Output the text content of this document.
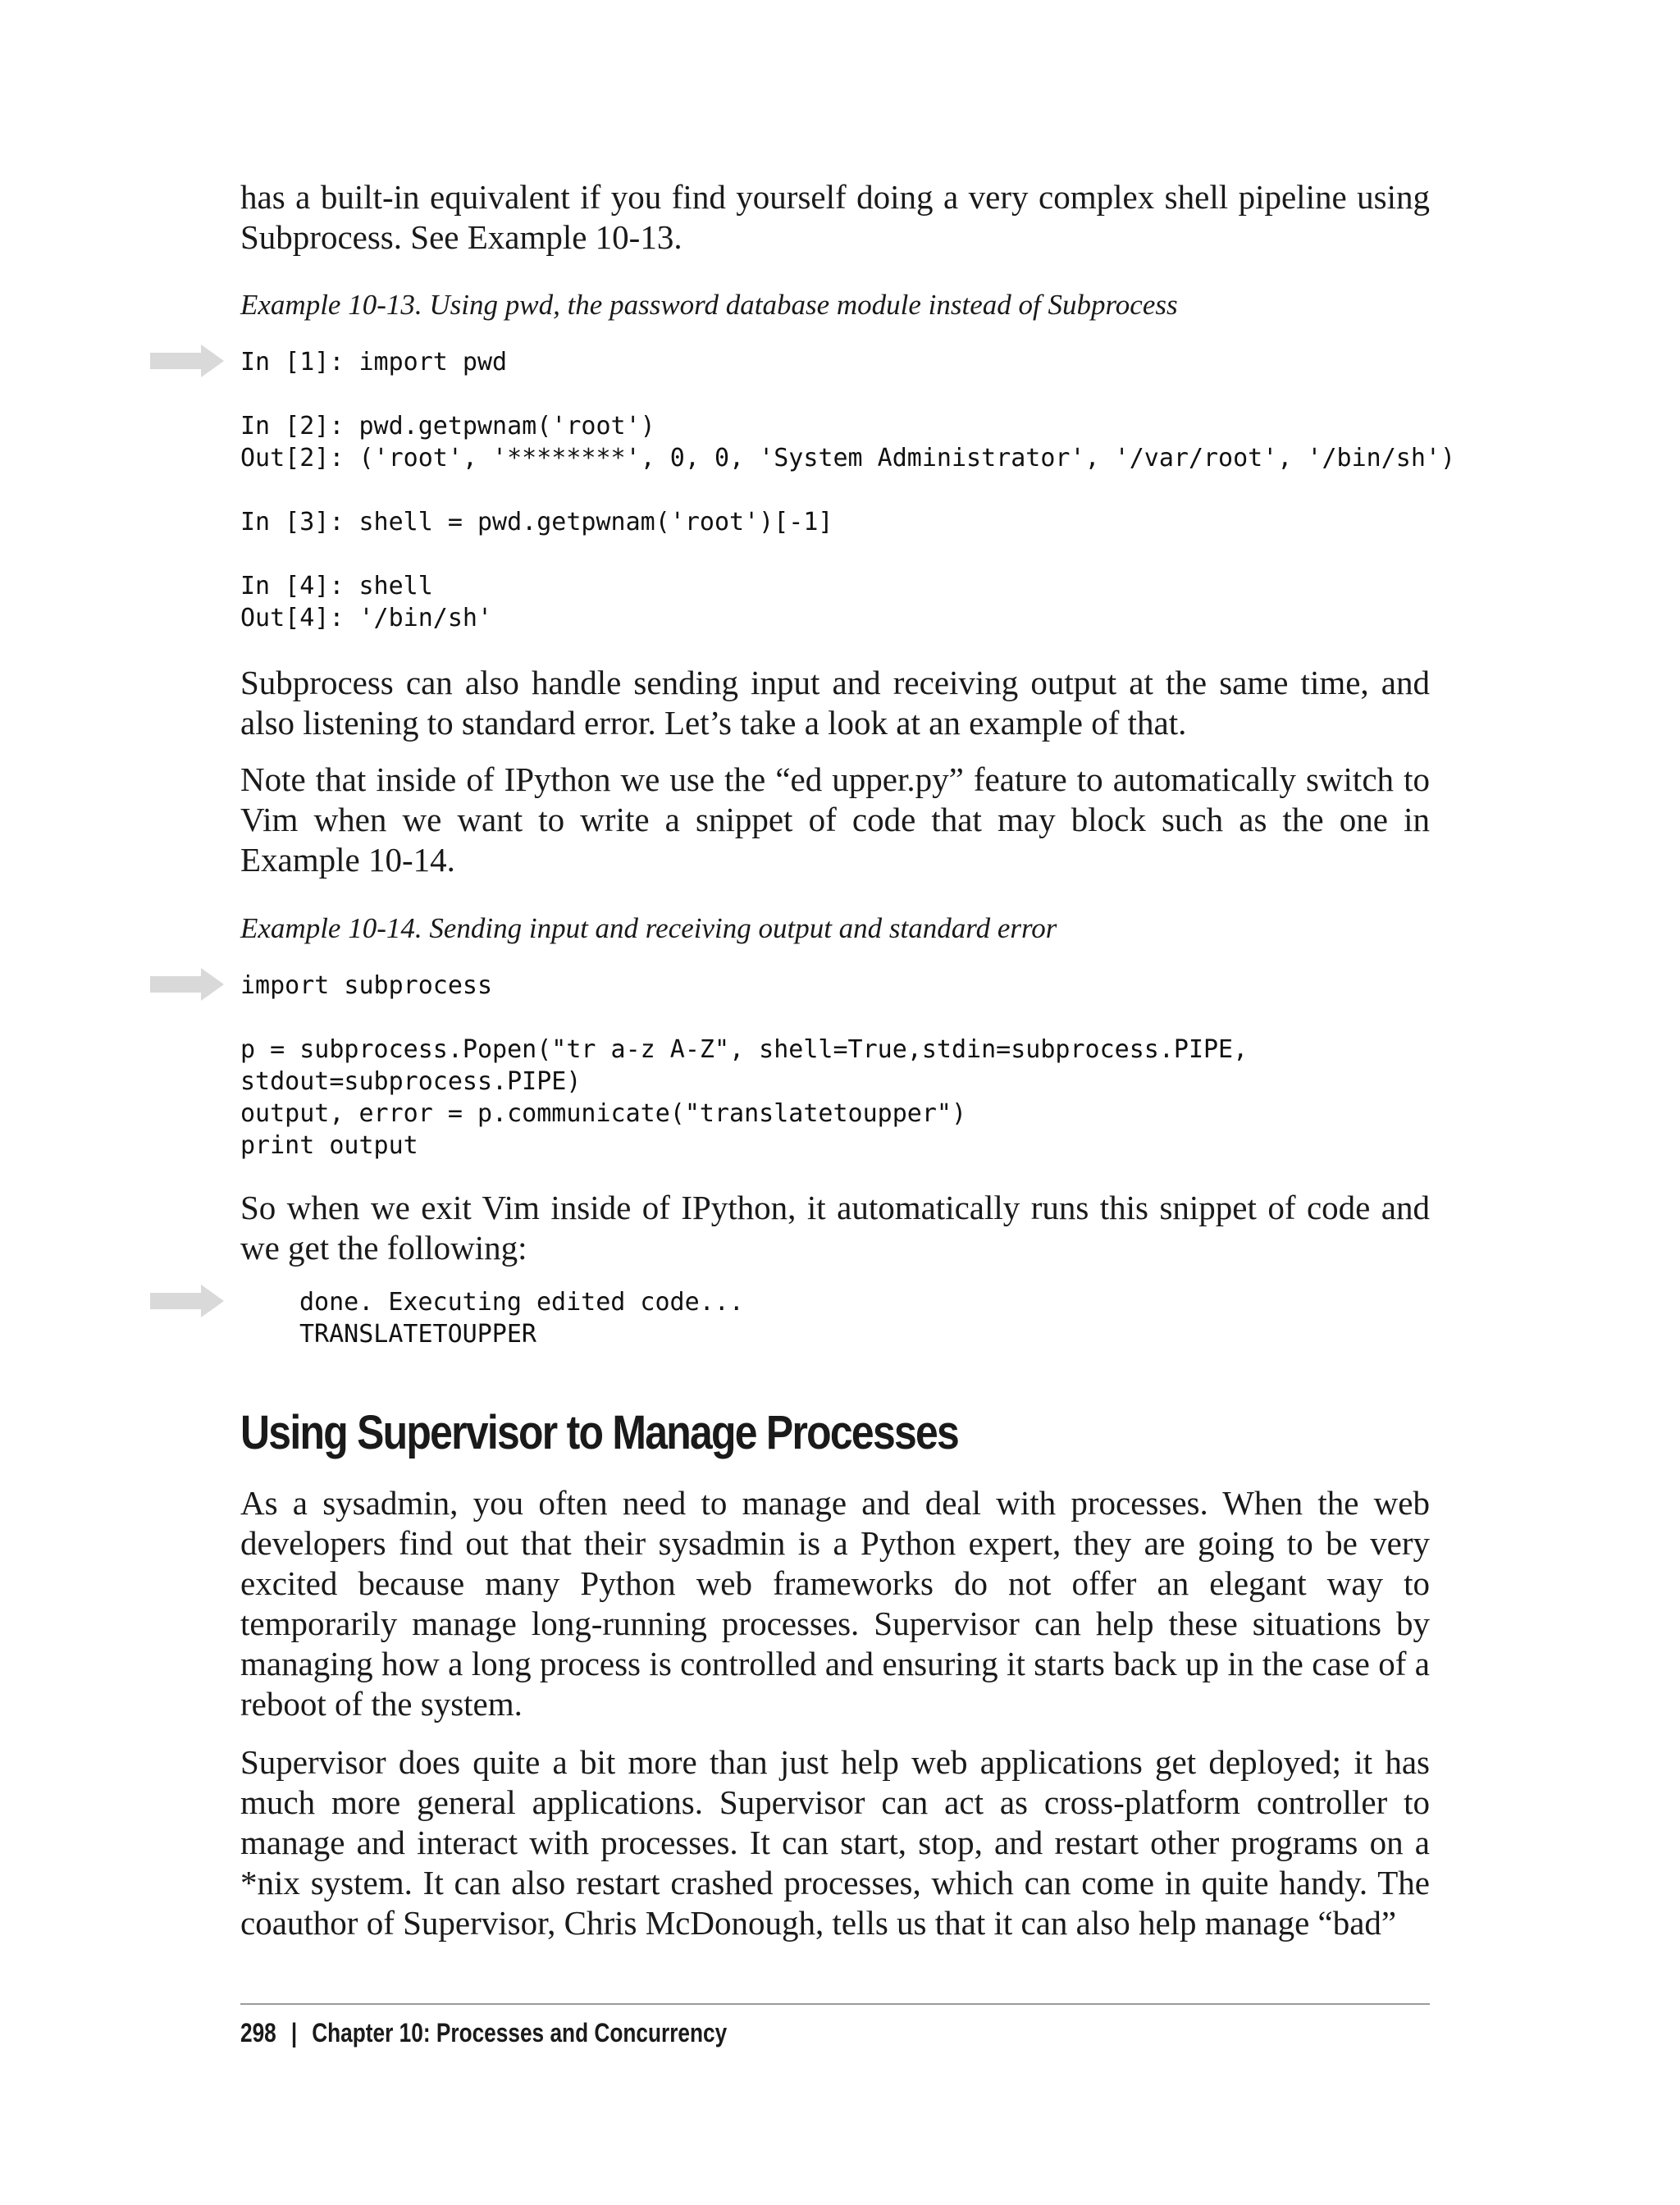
has a built-in equivalent if you find yourself doing a very complex shell pipeline using Subprocess. See Example 10-13.

Example 10-13. Using pwd, the password database module instead of Subprocess

In [1]: import pwd

In [2]: pwd.getpwnam('root')
Out[2]: ('root', '********', 0, 0, 'System Administrator', '/var/root', '/bin/sh')

In [3]: shell = pwd.getpwnam('root')[-1]

In [4]: shell
Out[4]: '/bin/sh'

Subprocess can also handle sending input and receiving output at the same time, and also listening to standard error. Let’s take a look at an example of that.

Note that inside of IPython we use the “ed upper.py” feature to automatically switch to Vim when we want to write a snippet of code that may block such as the one in Example 10-14.

Example 10-14. Sending input and receiving output and standard error

import subprocess

p = subprocess.Popen("tr a-z A-Z", shell=True,stdin=subprocess.PIPE,
stdout=subprocess.PIPE)
output, error = p.communicate("translatetoupper")
print output

So when we exit Vim inside of IPython, it automatically runs this snippet of code and we get the following:

done. Executing edited code...
TRANSLATETOUPPER
Using Supervisor to Manage Processes

As a sysadmin, you often need to manage and deal with processes. When the web developers find out that their sysadmin is a Python expert, they are going to be very excited because many Python web frameworks do not offer an elegant way to temporarily manage long-running processes. Supervisor can help these situations by managing how a long process is controlled and ensuring it starts back up in the case of a reboot of the system.

Supervisor does quite a bit more than just help web applications get deployed; it has much more general applications. Supervisor can act as cross-platform controller to manage and interact with processes. It can start, stop, and restart other programs on a *nix system. It can also restart crashed processes, which can come in quite handy. The coauthor of Supervisor, Chris McDonough, tells us that it can also help manage “bad”

298 | Chapter 10: Processes and Concurrency
